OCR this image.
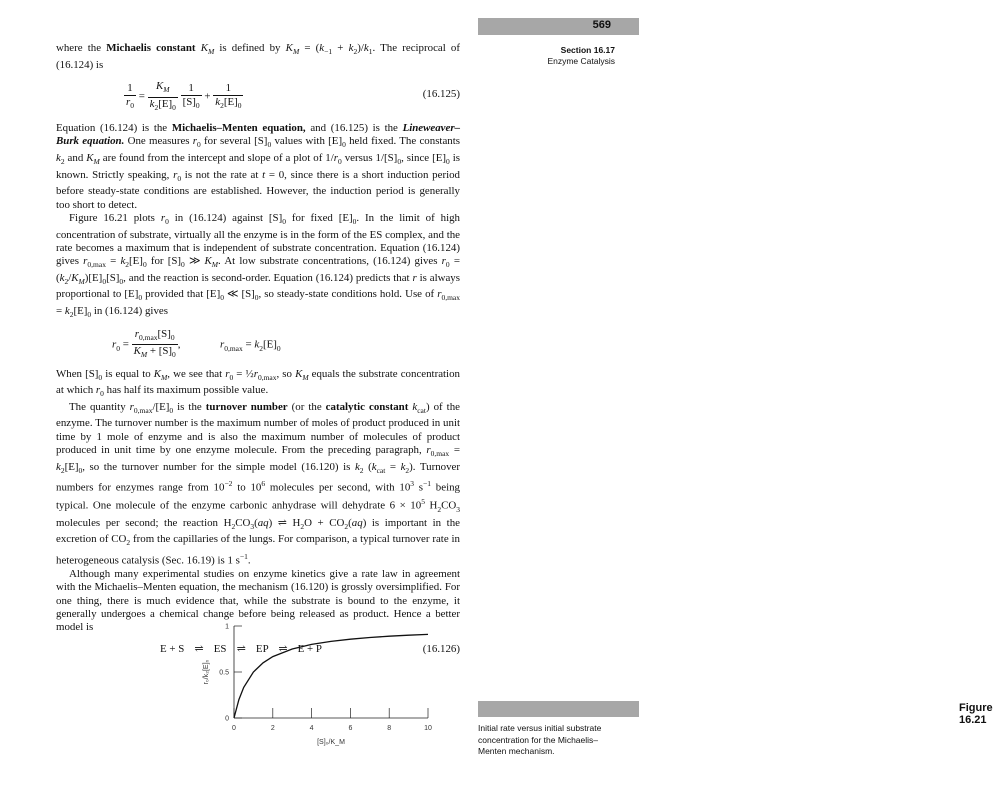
569
Section 16.17
Enzyme Catalysis

where the Michaelis constant $K_M$ is defined by $K_M = (k_{-1} + k_2)/k_1$. The reciprocal of (16.124) is

$\frac{1}{r_0} = \frac{K_M}{k_2[E]_0}$
$\frac{1}{[S]_0} + \frac{1}{k_2[E]_0}$	(16.125)

Equation (16.124) is the Michaelis–Menten equation, and (16.125) is the Lineweaver–Burk equation. One measures $r_0$ for several $[S]_0$ values with $[E]_0$ held fixed. The constants $k_2$ and $K_M$ are found from the intercept and slope of a plot of $1/r_0$ versus $1/[S]_0$, since $[E]_0$ is known. Strictly speaking, $r_0$ is not the rate at t = 0, since there is a short induction period before steady-state conditions are established. However, the induction period is generally too short to detect.

Figure 16.21 plots $r_0$ in (16.124) against $[S]_0$ for fixed $[E]_0$. In the limit of high concentration of substrate, virtually all the enzyme is in the form of the ES complex, and the rate becomes a maximum that is independent of substrate concentration. Equation (16.124) gives $r_{0,max} = k_2[E]_0$ for $[S]_0$ ≫ $K_M$. At low substrate concentrations, (16.124) gives $r_0 = (k_2/K_M)[E]_0[S]_0$, and the reaction is second-order. Equation (16.124) predicts that r is always proportional to $[E]_0$ provided that $[E]_0$ ≪ $[S]_0$, so steady-state conditions hold. Use of $r_{0,max} = k_2[E]_0$ in (16.124) gives

$r_0 = \frac{r_{0,max}[S]_0}{K_M + [S]_0}$ ,	$r_{0,max} = k_2[E]_0$

When $[S]_0$ is equal to $K_M$, we see that $r_0$ = $\frac{1}{2}r_{0,max}$, so $K_M$ equals the substrate concentration at which $r_0$ has half its maximum possible value.

The quantity $r_{0,max}/[E]_0$ is the turnover number (or the catalytic constant $k_{cat}$) of the enzyme. The turnover number is the maximum number of moles of product produced in unit time by 1 mole of enzyme and is also the maximum number of molecules of product produced in unit time by one enzyme molecule. From the preceding paragraph, $r_{0,max} = k_2[E]_0$, so the turnover number for the simple model (16.120) is $k_2$ $(k_{cat} = k_2)$. Turnover numbers for enzymes range from $10^{-2}$ to $10^6$ molecules per second, with $10^3$ $s^{-1}$ being typical. One molecule of the enzyme carbonic anhydrase will dehydrate $6 \times 10^5$ $H_2CO_3$ molecules per second; the reaction $H_2CO_3(aq)$ ⇌ $H_2O + CO_2(aq)$ is important in the excretion of $CO_2$ from the capillaries of the lungs. For comparison, a typical turnover rate in heterogeneous catalysis (Sec. 16.19) is 1 $s^{-1}$.

Although many experimental studies on enzyme kinetics give a rate law in agreement with the Michaelis–Menten equation, the mechanism (16.120) is grossly oversimplified. For one thing, there is much evidence that, while the substrate is bound to the enzyme, it generally undergoes a chemical change before being released as product. Hence a better model is

E + S ⇌ ES ⇌ EP ⇌ E + P	(16.126)
0	2	4	6	8	10
0
0.5
1
[S]₀/K_M
r₀/k₂[E]₀
Figure 16.21
Initial rate versus initial substrate concentration for the Michaelis–Menten mechanism.
